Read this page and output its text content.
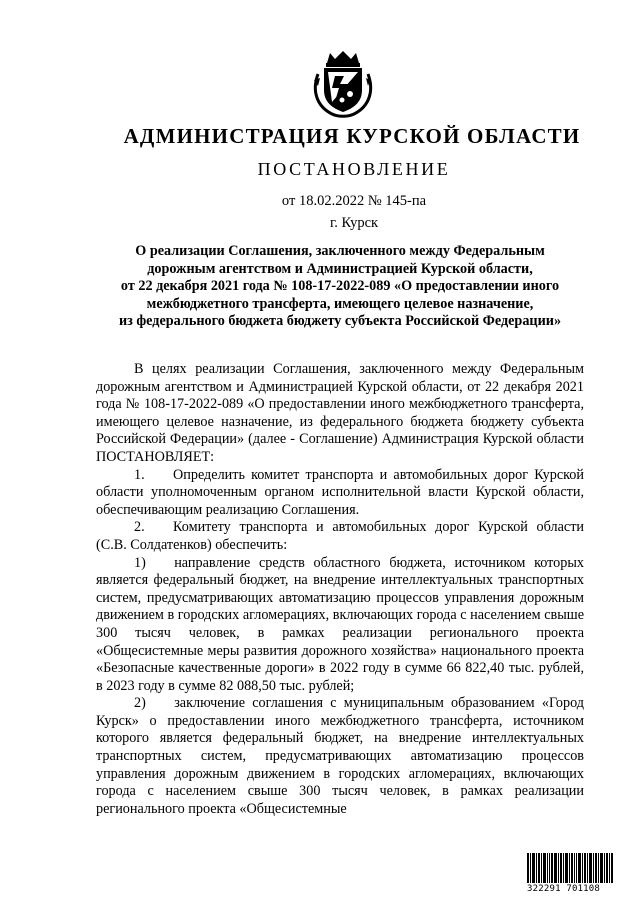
АДМИНИСТРАЦИЯ КУРСКОЙ ОБЛАСТИ
ПОСТАНОВЛЕНИЕ
от 18.02.2022 № 145-па
г. Курск
О реализации Соглашения, заключенного между Федеральным
дорожным агентством и Администрацией Курской области,
от 22 декабря 2021 года № 108-17-2022-089 «О предоставлении иного
межбюджетного трансферта, имеющего целевое назначение,
из федерального бюджета бюджету субъекта Российской Федерации»

В целях реализации Соглашения, заключенного между Федеральным дорожным агентством и Администрацией Курской области, от 22 декабря 2021 года № 108-17-2022-089 «О предоставлении иного межбюджетного трансферта, имеющего целевое назначение, из федерального бюджета бюджету субъекта Российской Федерации» (далее - Соглашение) Администрация Курской области ПОСТАНОВЛЯЕТ:

1.  Определить комитет транспорта и автомобильных дорог Курской области уполномоченным органом исполнительной власти Курской области, обеспечивающим реализацию Соглашения.

2.  Комитету транспорта и автомобильных дорог Курской области (С.В. Солдатенков) обеспечить:

1)  направление средств областного бюджета, источником которых является федеральный бюджет, на внедрение интеллектуальных транспортных систем, предусматривающих автоматизацию процессов управления дорожным движением в городских агломерациях, включающих города с населением свыше 300 тысяч человек, в рамках реализации регионального проекта «Общесистемные меры развития дорожного хозяйства» национального проекта «Безопасные качественные дороги» в 2022 году в сумме 66 822,40 тыс. рублей, в 2023 году в сумме 82 088,50 тыс. рублей;

2)  заключение соглашения с муниципальным образованием «Город Курск» о предоставлении иного межбюджетного трансферта, источником которого является федеральный бюджет, на внедрение интеллектуальных транспортных систем, предусматривающих автоматизацию процессов управления дорожным движением в городских агломерациях, включающих города с населением свыше 300 тысяч человек, в рамках реализации регионального проекта «Общесистемные

322291 701108
